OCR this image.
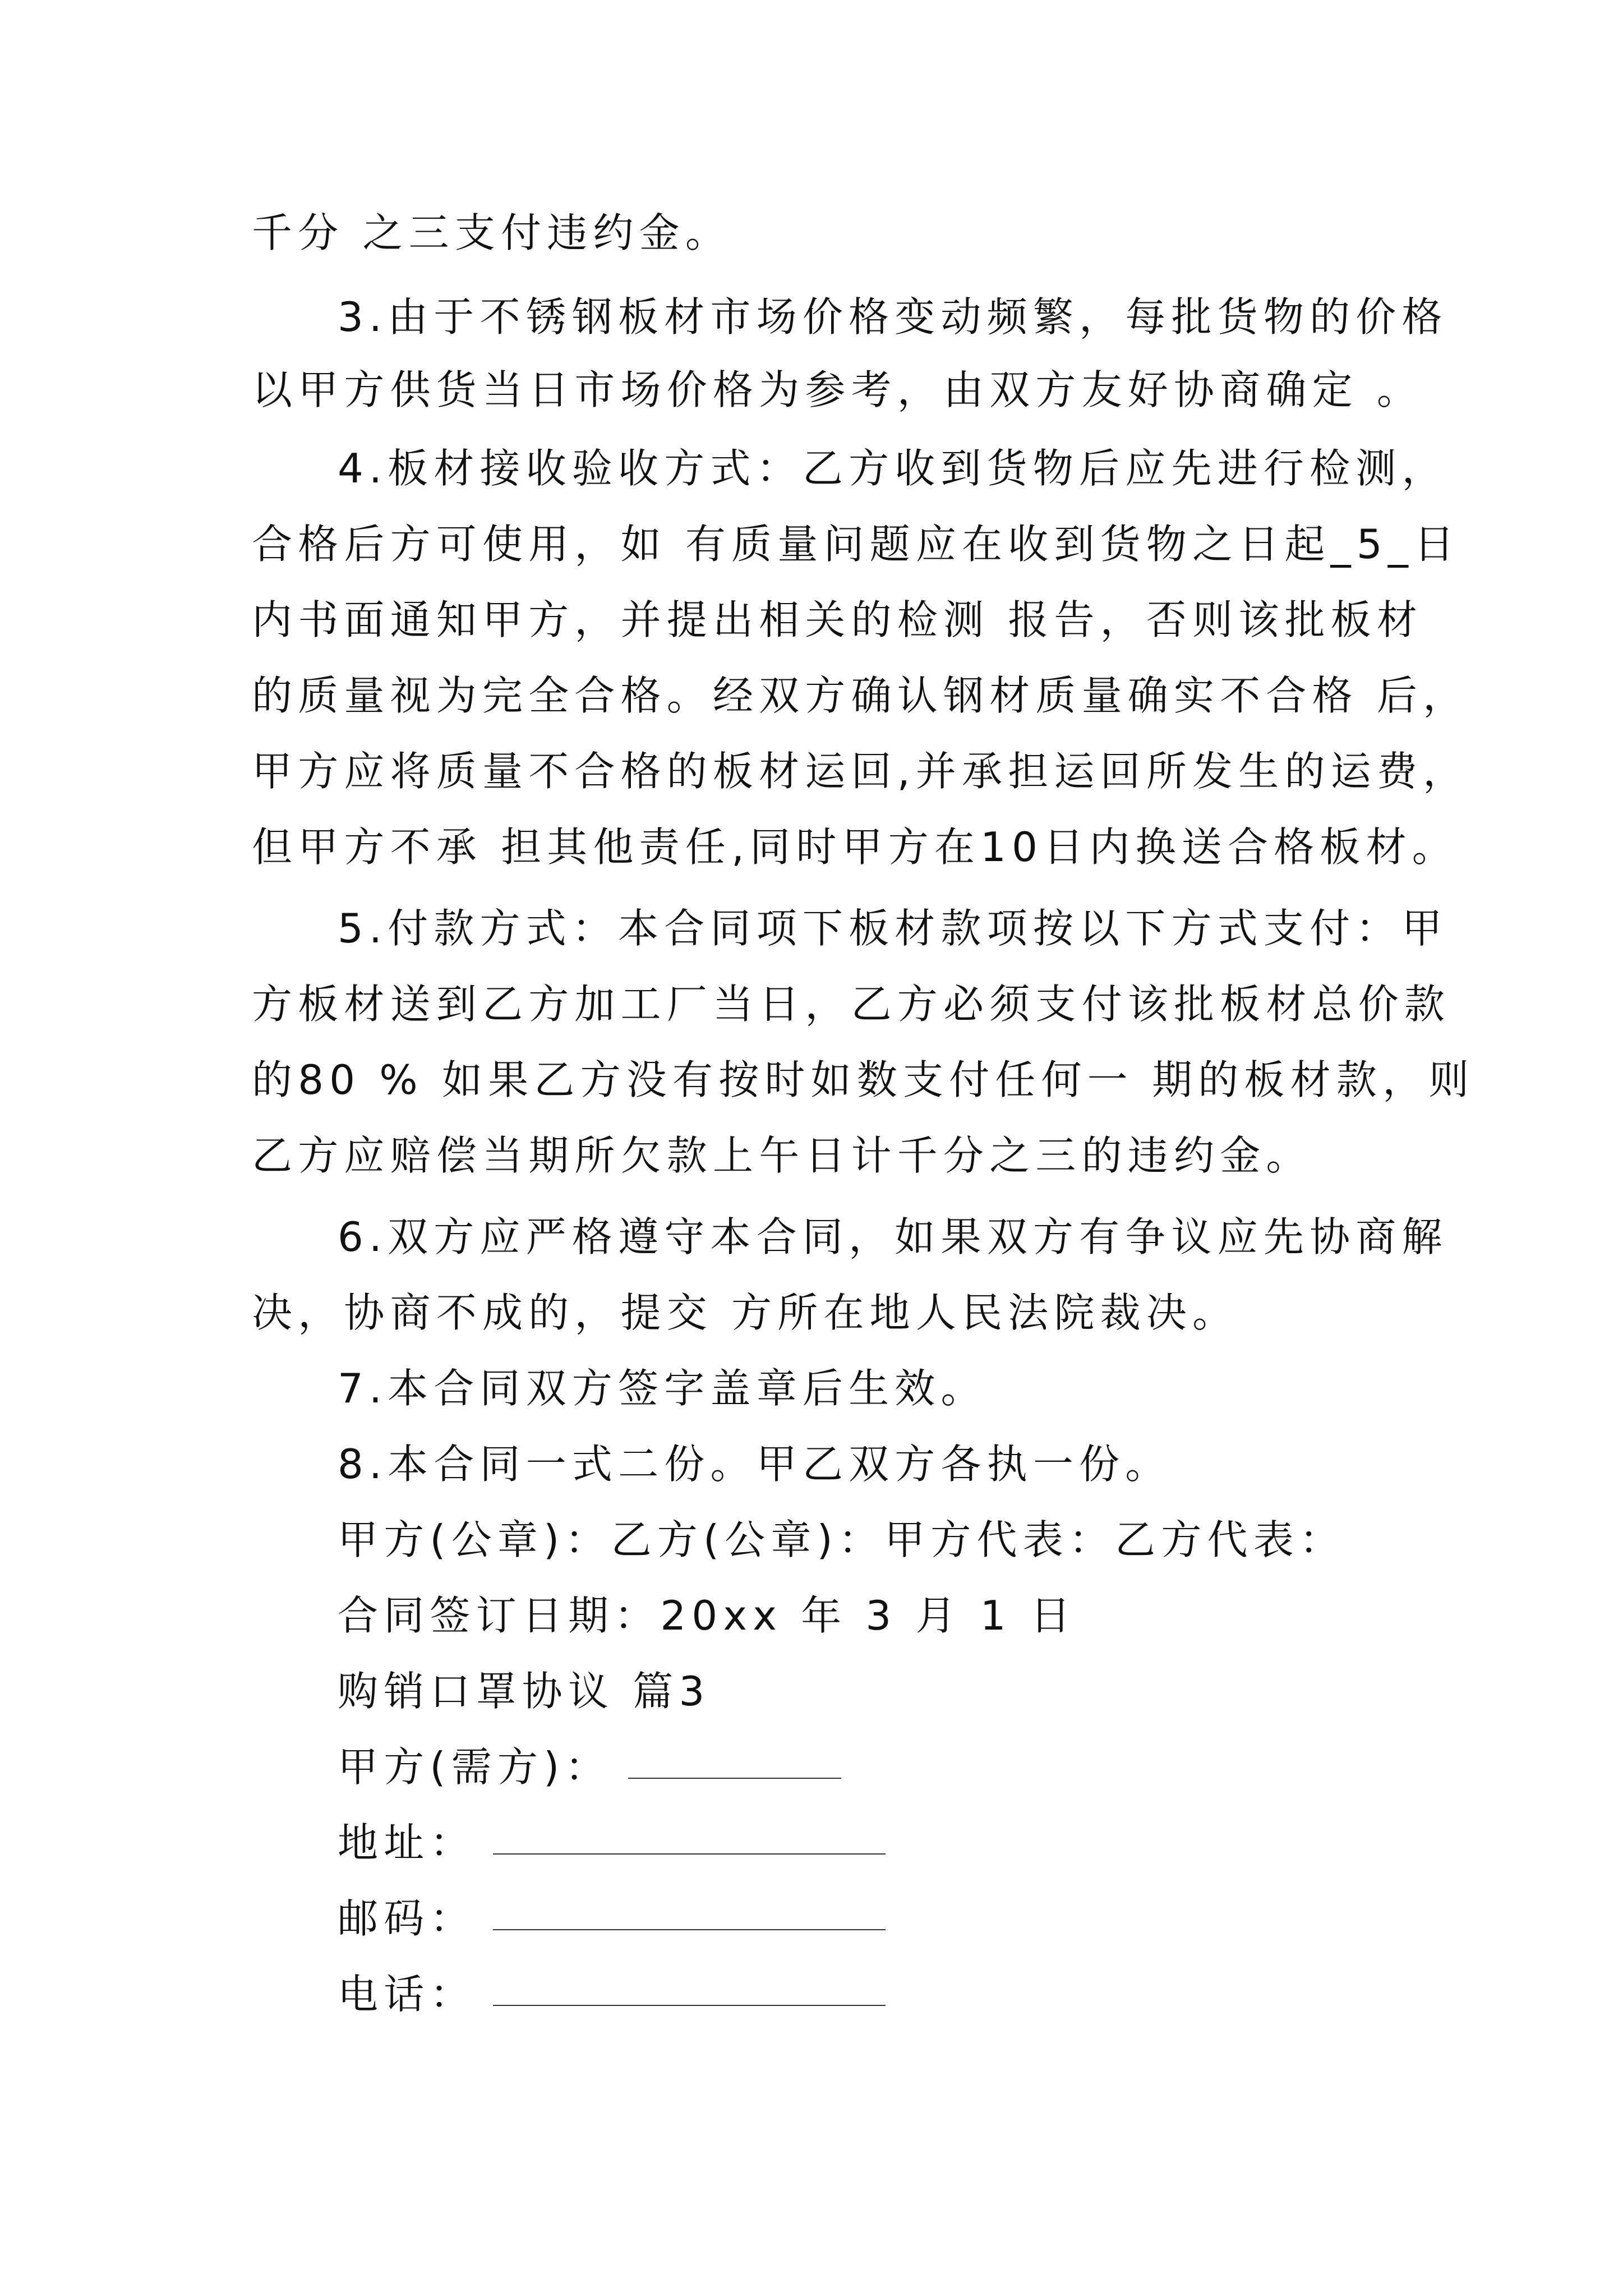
千分 之三支付违约金。
3.由于不锈钢板材市场价格变动频繁，每批货物的价格
以甲方供货当日市场价格为参考，由双方友好协商确定 。
4.板材接收验收方式：乙方收到货物后应先进行检测，
合格后方可使用，如 有质量问题应在收到货物之日起_5_日
内书面通知甲方，并提出相关的检测 报告，否则该批板材
的质量视为完全合格。经双方确认钢材质量确实不合格 后，
甲方应将质量不合格的板材运回,并承担运回所发生的运费，
但甲方不承 担其他责任,同时甲方在10日内换送合格板材。
5.付款方式：本合同项下板材款项按以下方式支付：甲
方板材送到乙方加工厂当日，乙方必须支付该批板材总价款
的80 % 如果乙方没有按时如数支付任何一 期的板材款，则
乙方应赔偿当期所欠款上午日计千分之三的违约金。
6.双方应严格遵守本合同，如果双方有争议应先协商解
决，协商不成的，提交 方所在地人民法院裁决。
7.本合同双方签字盖章后生效。
8.本合同一式二份。甲乙双方各执一份。
甲方(公章)：乙方(公章)：甲方代表：乙方代表：
合同签订日期：20xx 年 3 月 1 日
购销口罩协议 篇3
甲方(需方)：
地址：
邮码：
电话：
